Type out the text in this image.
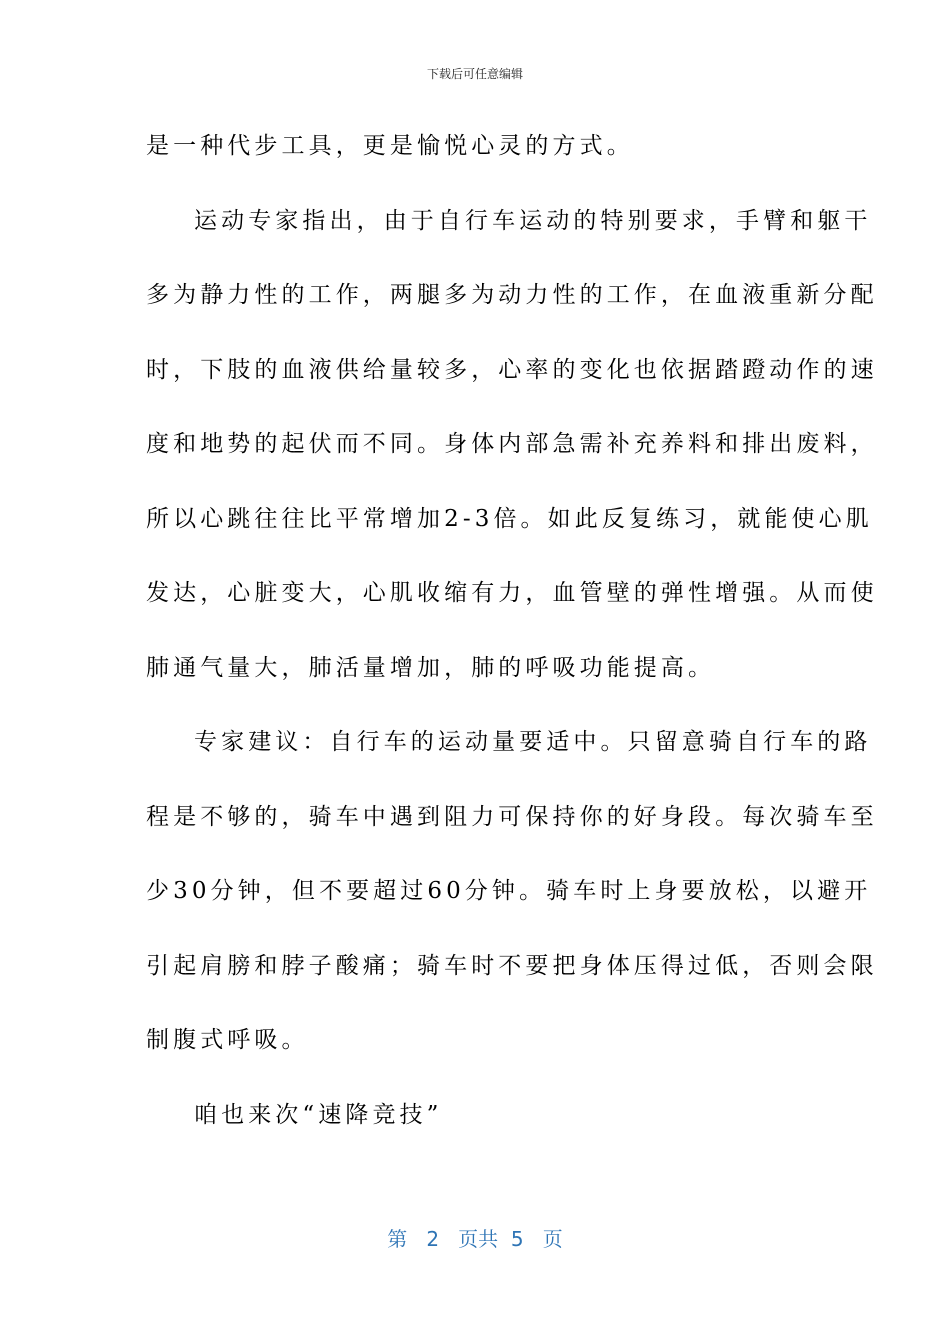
下载后可任意编辑
是一种代步工具，更是愉悦心灵的方式。
运动专家指出，由于自行车运动的特别要求，手臂和躯干
多为静力性的工作，两腿多为动力性的工作，在血液重新分配
时，下肢的血液供给量较多，心率的变化也依据踏蹬动作的速
度和地势的起伏而不同。身体内部急需补充养料和排出废料，
所以心跳往往比平常增加2-3倍。如此反复练习，就能使心肌
发达，心脏变大，心肌收缩有力，血管壁的弹性增强。从而使
肺通气量大，肺活量增加，肺的呼吸功能提高。
专家建议：自行车的运动量要适中。只留意骑自行车的路
程是不够的，骑车中遇到阻力可保持你的好身段。每次骑车至
少30分钟，但不要超过60分钟。骑车时上身要放松，以避开
引起肩膀和脖子酸痛；骑车时不要把身体压得过低，否则会限
制腹式呼吸。
咱也来次“速降竞技”
第 2 页共 5 页
